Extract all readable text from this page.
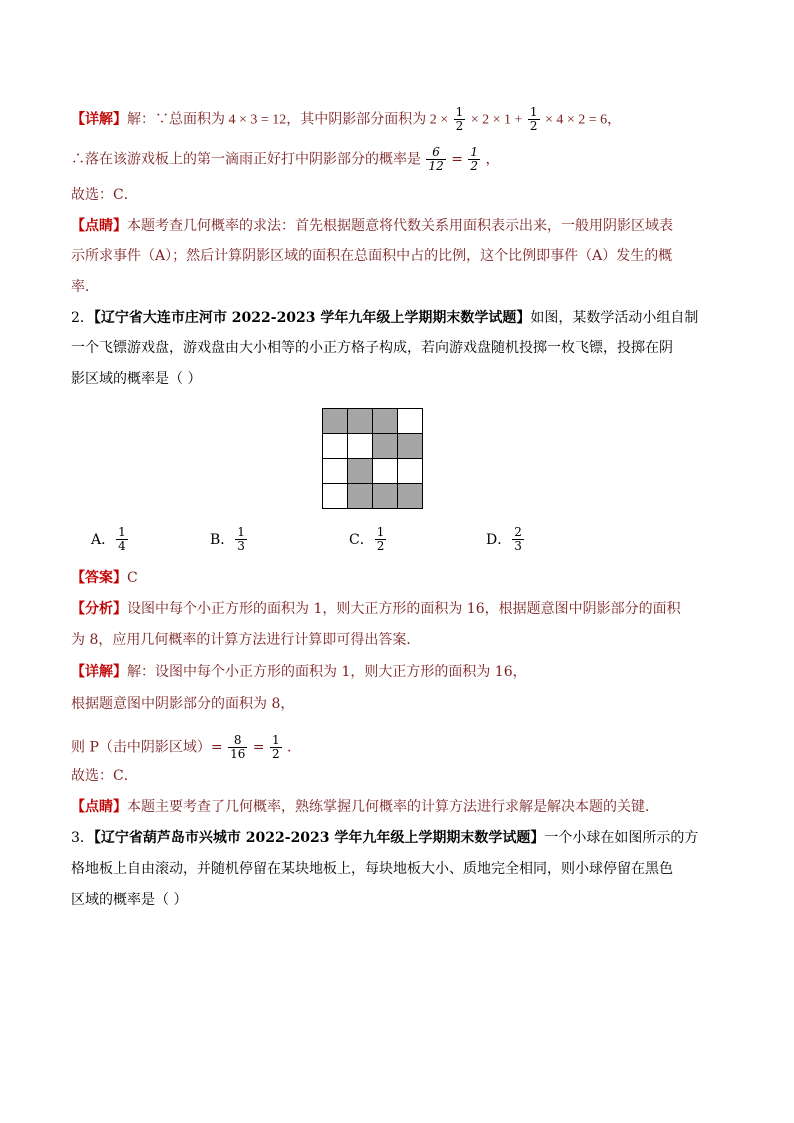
【详解】解：∵总面积为 4 × 3 = 12，其中阴影部分面积为 $2 \times \frac{1}{2} \times 2 \times 1 + \frac{1}{2} \times 4 \times 2 = 6$，
∴落在该游戏板上的第一滴雨正好打中阴影部分的概率是 $\frac{6}{12} = \frac{1}{2}$ ，
故选：C．
【点睛】本题考查几何概率的求法：首先根据题意将代数关系用面积表示出来，一般用阴影区域表
示所求事件（A）；然后计算阴影区域的面积在总面积中占的比例，这个比例即事件（A）发生的概
率．
2．【辽宁省大连市庄河市 2022-2023 学年九年级上学期期末数学试题】如图，某数学活动小组自制
一个飞镖游戏盘，游戏盘由大小相等的小正方格子构成，若向游戏盘随机投掷一枚飞镖，投掷在阴
影区域的概率是（ ）
A． $\frac{1}{4}$	B． $\frac{1}{3}$	C． $\frac{1}{2}$	D． $\frac{2}{3}$
【答案】C
【分析】设图中每个小正方形的面积为 1，则大正方形的面积为 16，根据题意图中阴影部分的面积
为 8，应用几何概率的计算方法进行计算即可得出答案．
【详解】解：设图中每个小正方形的面积为 1，则大正方形的面积为 16，
根据题意图中阴影部分的面积为 8，
则 P（击中阴影区域）= $\frac{8}{16} = \frac{1}{2}$ ．
故选：C．
【点睛】本题主要考查了几何概率，熟练掌握几何概率的计算方法进行求解是解决本题的关键．
3．【辽宁省葫芦岛市兴城市 2022-2023 学年九年级上学期期末数学试题】一个小球在如图所示的方
格地板上自由滚动，并随机停留在某块地板上，每块地板大小、质地完全相同，则小球停留在黑色
区域的概率是（ ）
